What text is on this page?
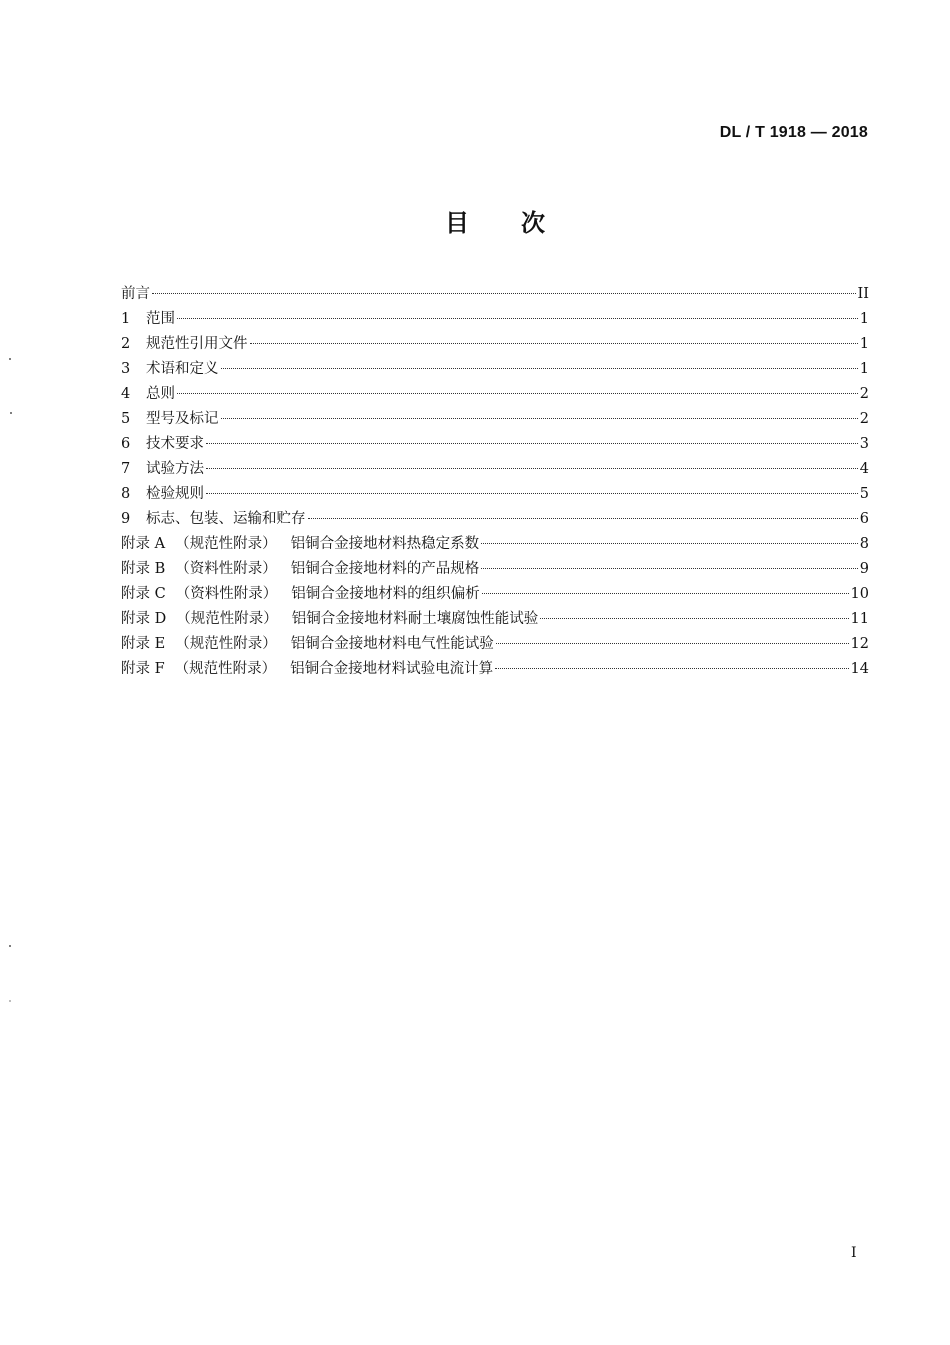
DL / T 1918 — 2018
目 次
前言	II
1	范围	1
2	规范性引用文件	1
3	术语和定义	1
4	总则	2
5	型号及标记	2
6	技术要求	3
7	试验方法	4
8	检验规则	5
9	标志、包装、运输和贮存	6
附录 A （规范性附录） 铝铜合金接地材料热稳定系数	8
附录 B （资料性附录） 铝铜合金接地材料的产品规格	9
附录 C （资料性附录） 铝铜合金接地材料的组织偏析	10
附录 D （规范性附录） 铝铜合金接地材料耐土壤腐蚀性能试验	11
附录 E （规范性附录） 铝铜合金接地材料电气性能试验	12
附录 F （规范性附录） 铝铜合金接地材料试验电流计算	14
I
